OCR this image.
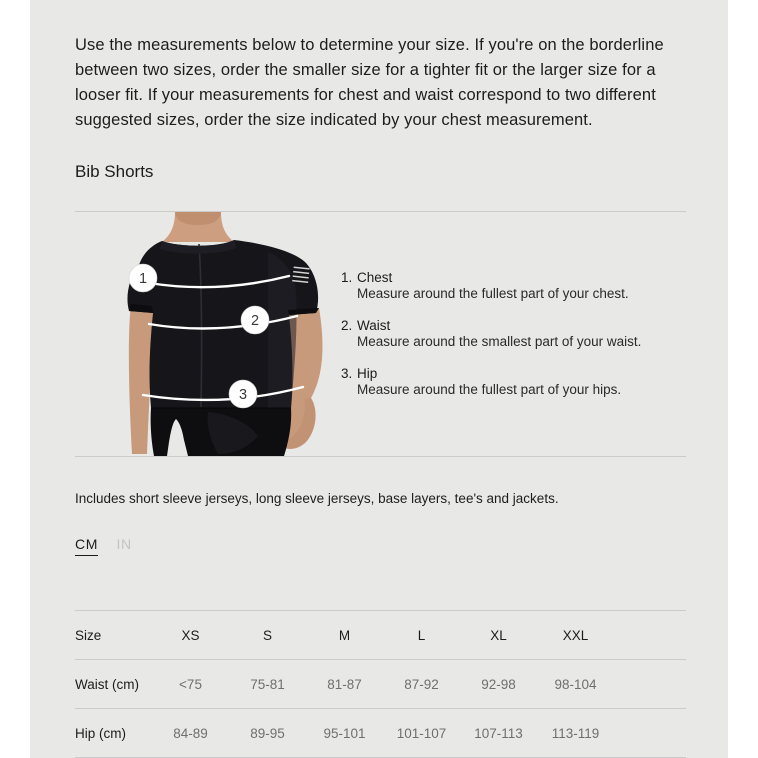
Use the measurements below to determine your size. If you're on the borderline between two sizes, order the smaller size for a tighter fit or the larger size for a looser fit. If your measurements for chest and waist correspond to two different suggested sizes, order the size indicated by your chest measurement.

Bib Shorts
1
2
3
1. Chest
Measure around the fullest part of your chest.
2. Waist
Measure around the smallest part of your waist.
3. Hip
Measure around the fullest part of your hips.

Includes short sleeve jerseys, long sleeve jerseys, base layers, tee's and jackets.

CM IN
Size	XS	S	M	L	XL	XXL
Waist (cm)	<75	75-81	81-87	87-92	92-98	98-104
Hip (cm)	84-89	89-95	95-101	101-107	107-113	113-119
